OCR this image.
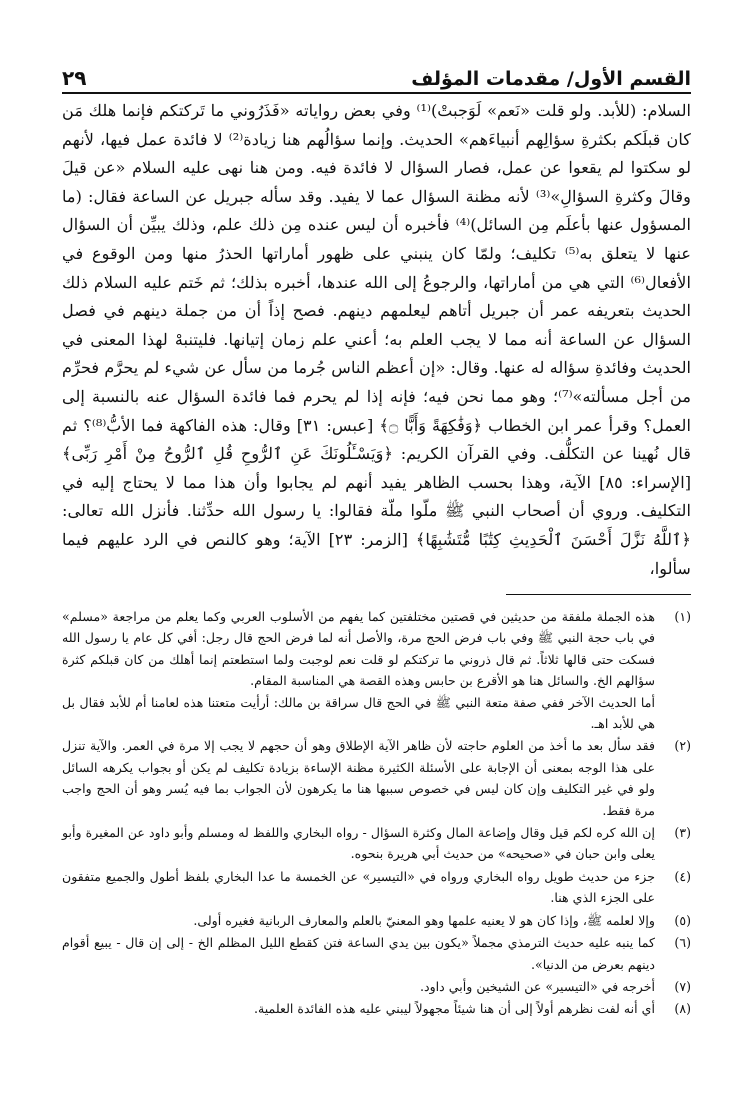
القسم الأول/ مقدمات المؤلف
٢٩

السلام: (للأبد. ولو قلت «نَعم» لَوَجبتْ)⁽¹⁾ وفي بعض رواياته «فَذَرُوني ما تَركتكم فإنما هلك مَن كان قبلَكم بكثرةِ سؤالِهم أنبياءَهم» الحديث. وإنما سؤالُهم هنا زيادة⁽²⁾ لا فائدة عمل فيها، لأنهم لو سكتوا لم يقعوا عن عمل، فصار السؤال لا فائدة فيه. ومن هنا نهى عليه السلام «عن قيلَ وقالَ وكثرةِ السؤالِ»⁽³⁾ لأنه مظنة السؤال عما لا يفيد. وقد سأله جبريل عن الساعة فقال: (ما المسؤول عنها بأعلَم مِن السائل)⁽⁴⁾ فأخبره أن ليس عنده مِن ذلك علم، وذلك يبيِّن أن السؤال عنها لا يتعلق به⁽⁵⁾ تكليف؛ ولمّا كان ينبني على ظهور أماراتها الحذرُ منها ومن الوقوع في الأفعال⁽⁶⁾ التي هي من أماراتها، والرجوعُ إلى الله عندها، أخبره بذلك؛ ثم خَتم عليه السلام ذلك الحديث بتعريفه عمر أن جبريل أتاهم ليعلمهم دينهم. فصح إذاً أن من جملة دينهم في فصل السؤال عن الساعة أنه مما لا يجب العلم به؛ أعني علم زمان إتيانها. فليتنبهْ لهذا المعنى في الحديث وفائدةِ سؤاله له عنها. وقال: «إن أعظم الناس جُرما من سأل عن شيء لم يحرَّم فحرِّم من أجل مسألته»⁽⁷⁾؛ وهو مما نحن فيه؛ فإنه إذا لم يحرم فما فائدة السؤال عنه بالنسبة إلى العمل؟ وقرأ عمر ابن الخطاب ﴿وَفَٰكِهَةً وَأَبًّا ۝﴾ [عبس: ٣١] وقال: هذه الفاكهة فما الأبُّ⁽⁸⁾؟ ثم قال نُهينا عن التكلُّف. وفي القرآن الكريم: ﴿وَيَسْـَٔلُونَكَ عَنِ ٱلرُّوحِ قُلِ ٱلرُّوحُ مِنْ أَمْرِ رَبِّى﴾ [الإسراء: ٨٥] الآية، وهذا بحسب الظاهر يفيد أنهم لم يجابوا وأن هذا مما لا يحتاج إليه في التكليف. وروي أن أصحاب النبي ﷺ ملّوا ملّة فقالوا: يا رسول الله حدِّثنا. فأنزل الله تعالى: ﴿ٱللَّهُ نَزَّلَ أَحْسَنَ ٱلْحَدِيثِ كِتَٰبًا مُّتَشَٰبِهًا﴾ [الزمر: ٢٣] الآية؛ وهو كالنص في الرد عليهم فيما سألوا،

(١)

هذه الجملة ملفقة من حديثين في قصتين مختلفتين كما يفهم من الأسلوب العربي وكما يعلم من مراجعة «مسلم» في باب حجة النبي ﷺ وفي باب فرض الحج مرة، والأصل أنه لما فرض الحج قال رجل: أفي كل عام يا رسول الله فسكت حتى قالها ثلاثاً. ثم قال ذروني ما تركتكم لو قلت نعم لوجبت ولما استطعتم إنما أهلك من كان قبلكم كثرة سؤالهم الخ. والسائل هنا هو الأقرع بن حابس وهذه القصة هي المناسبة المقام.

أما الحديث الآخر ففي صفة متعة النبي ﷺ في الحج قال سراقة بن مالك: أرأيت متعتنا هذه لعامنا أم للأبد فقال بل هي للأبد اهـ.

(٢)

فقد سأل بعد ما أخذ من العلوم حاجته لأن ظاهر الآية الإطلاق وهو أن حجهم لا يجب إلا مرة في العمر. والآية تنزل على هذا الوجه بمعنى أن الإجابة على الأسئلة الكثيرة مظنة الإساءة بزيادة تكليف لم يكن أو بجواب يكرهه السائل ولو في غير التكليف وإن كان ليس في خصوص سببها هنا ما يكرهون لأن الجواب بما فيه يُسر وهو أن الحج واجب مرة فقط.

(٣)

إن الله كره لكم قيل وقال وإضاعة المال وكثرة السؤال - رواه البخاري واللفظ له ومسلم وأبو داود عن المغيرة وأبو يعلى وابن حبان في «صحيحه» من حديث أبي هريرة بنحوه.

(٤)

جزء من حديث طويل رواه البخاري ورواه في «التيسير» عن الخمسة ما عدا البخاري بلفظ أطول والجميع متفقون على الجزء الذي هنا.

(٥)

وإلا لعلمه ﷺ، وإذا كان هو لا يعنيه علمها وهو المعنيّ بالعلم والمعارف الربانية فغيره أولى.

(٦)

كما ينبه عليه حديث الترمذي مجملاً «يكون بين يدي الساعة فتن كقطع الليل المظلم الخ - إلى إن قال - يبيع أقوام دينهم بعرض من الدنيا».

(٧)

أخرجه في «التيسير» عن الشيخين وأبي داود.

(٨)

أي أنه لفت نظرهم أولاً إلى أن هنا شيئاً مجهولاً ليبني عليه هذه الفائدة العلمية.
